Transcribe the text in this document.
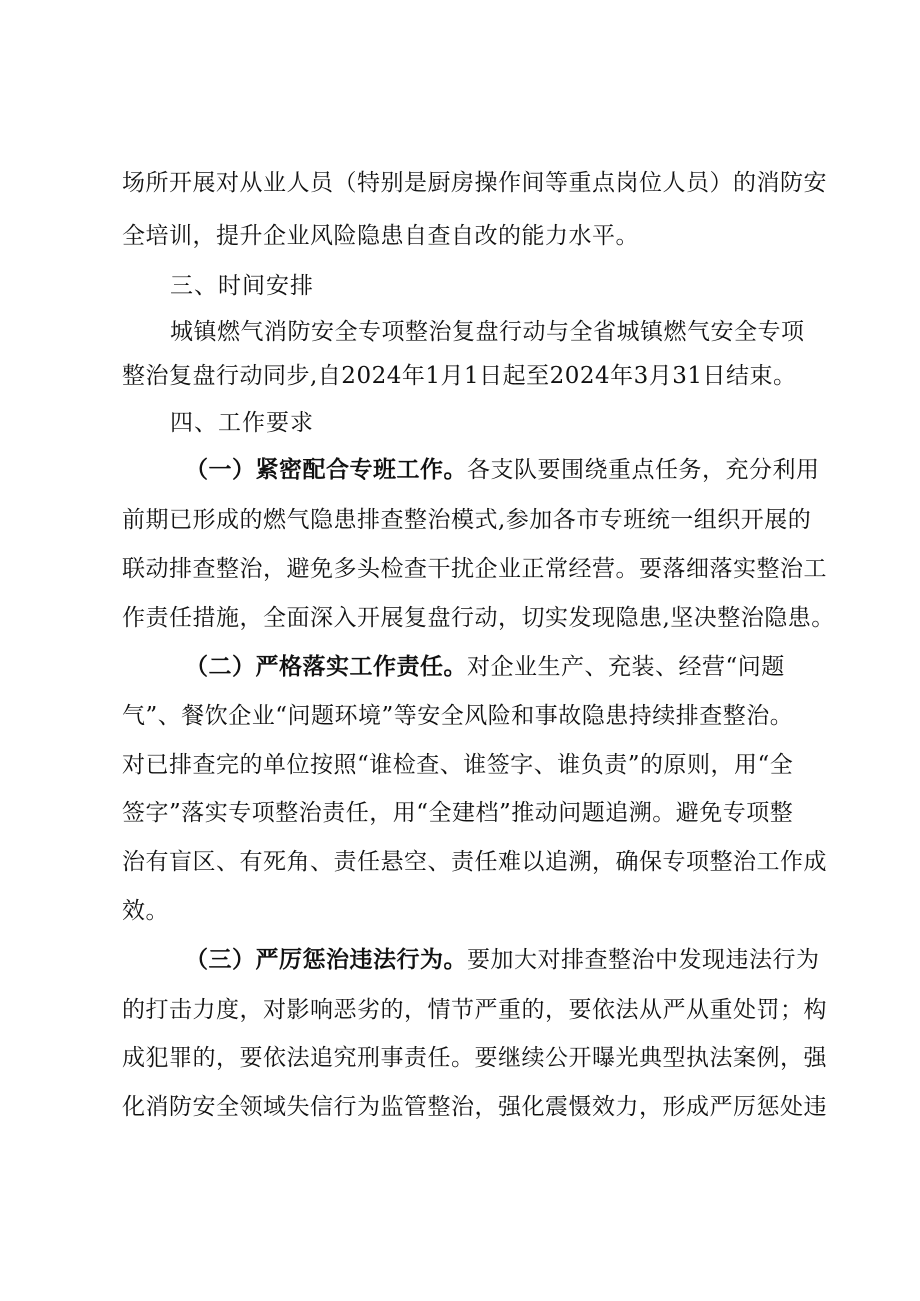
场所开展对从业人员（特别是厨房操作间等重点岗位人员）的消防安
全培训，提升企业风险隐患自查自改的能力水平。
三、时间安排
城镇燃气消防安全专项整治复盘行动与全省城镇燃气安全专项
整治复盘行动同步,自2024年1月1日起至2024年3月31日结束。
四、工作要求
（一）紧密配合专班工作。各支队要围绕重点任务，充分利用
前期已形成的燃气隐患排查整治模式,参加各市专班统一组织开展的
联动排查整治，避免多头检查干扰企业正常经营。要落细落实整治工
作责任措施，全面深入开展复盘行动，切实发现隐患,坚决整治隐患。
（二）严格落实工作责任。对企业生产、充装、经营“问题
气”、餐饮企业“问题环境”等安全风险和事故隐患持续排查整治。
对已排查完的单位按照“谁检查、谁签字、谁负责”的原则，用“全
签字”落实专项整治责任，用“全建档”推动问题追溯。避免专项整
治有盲区、有死角、责任悬空、责任难以追溯，确保专项整治工作成
效。
（三）严厉惩治违法行为。要加大对排查整治中发现违法行为
的打击力度，对影响恶劣的，情节严重的，要依法从严从重处罚；构
成犯罪的，要依法追究刑事责任。要继续公开曝光典型执法案例，强
化消防安全领域失信行为监管整治，强化震慑效力，形成严厉惩处违
